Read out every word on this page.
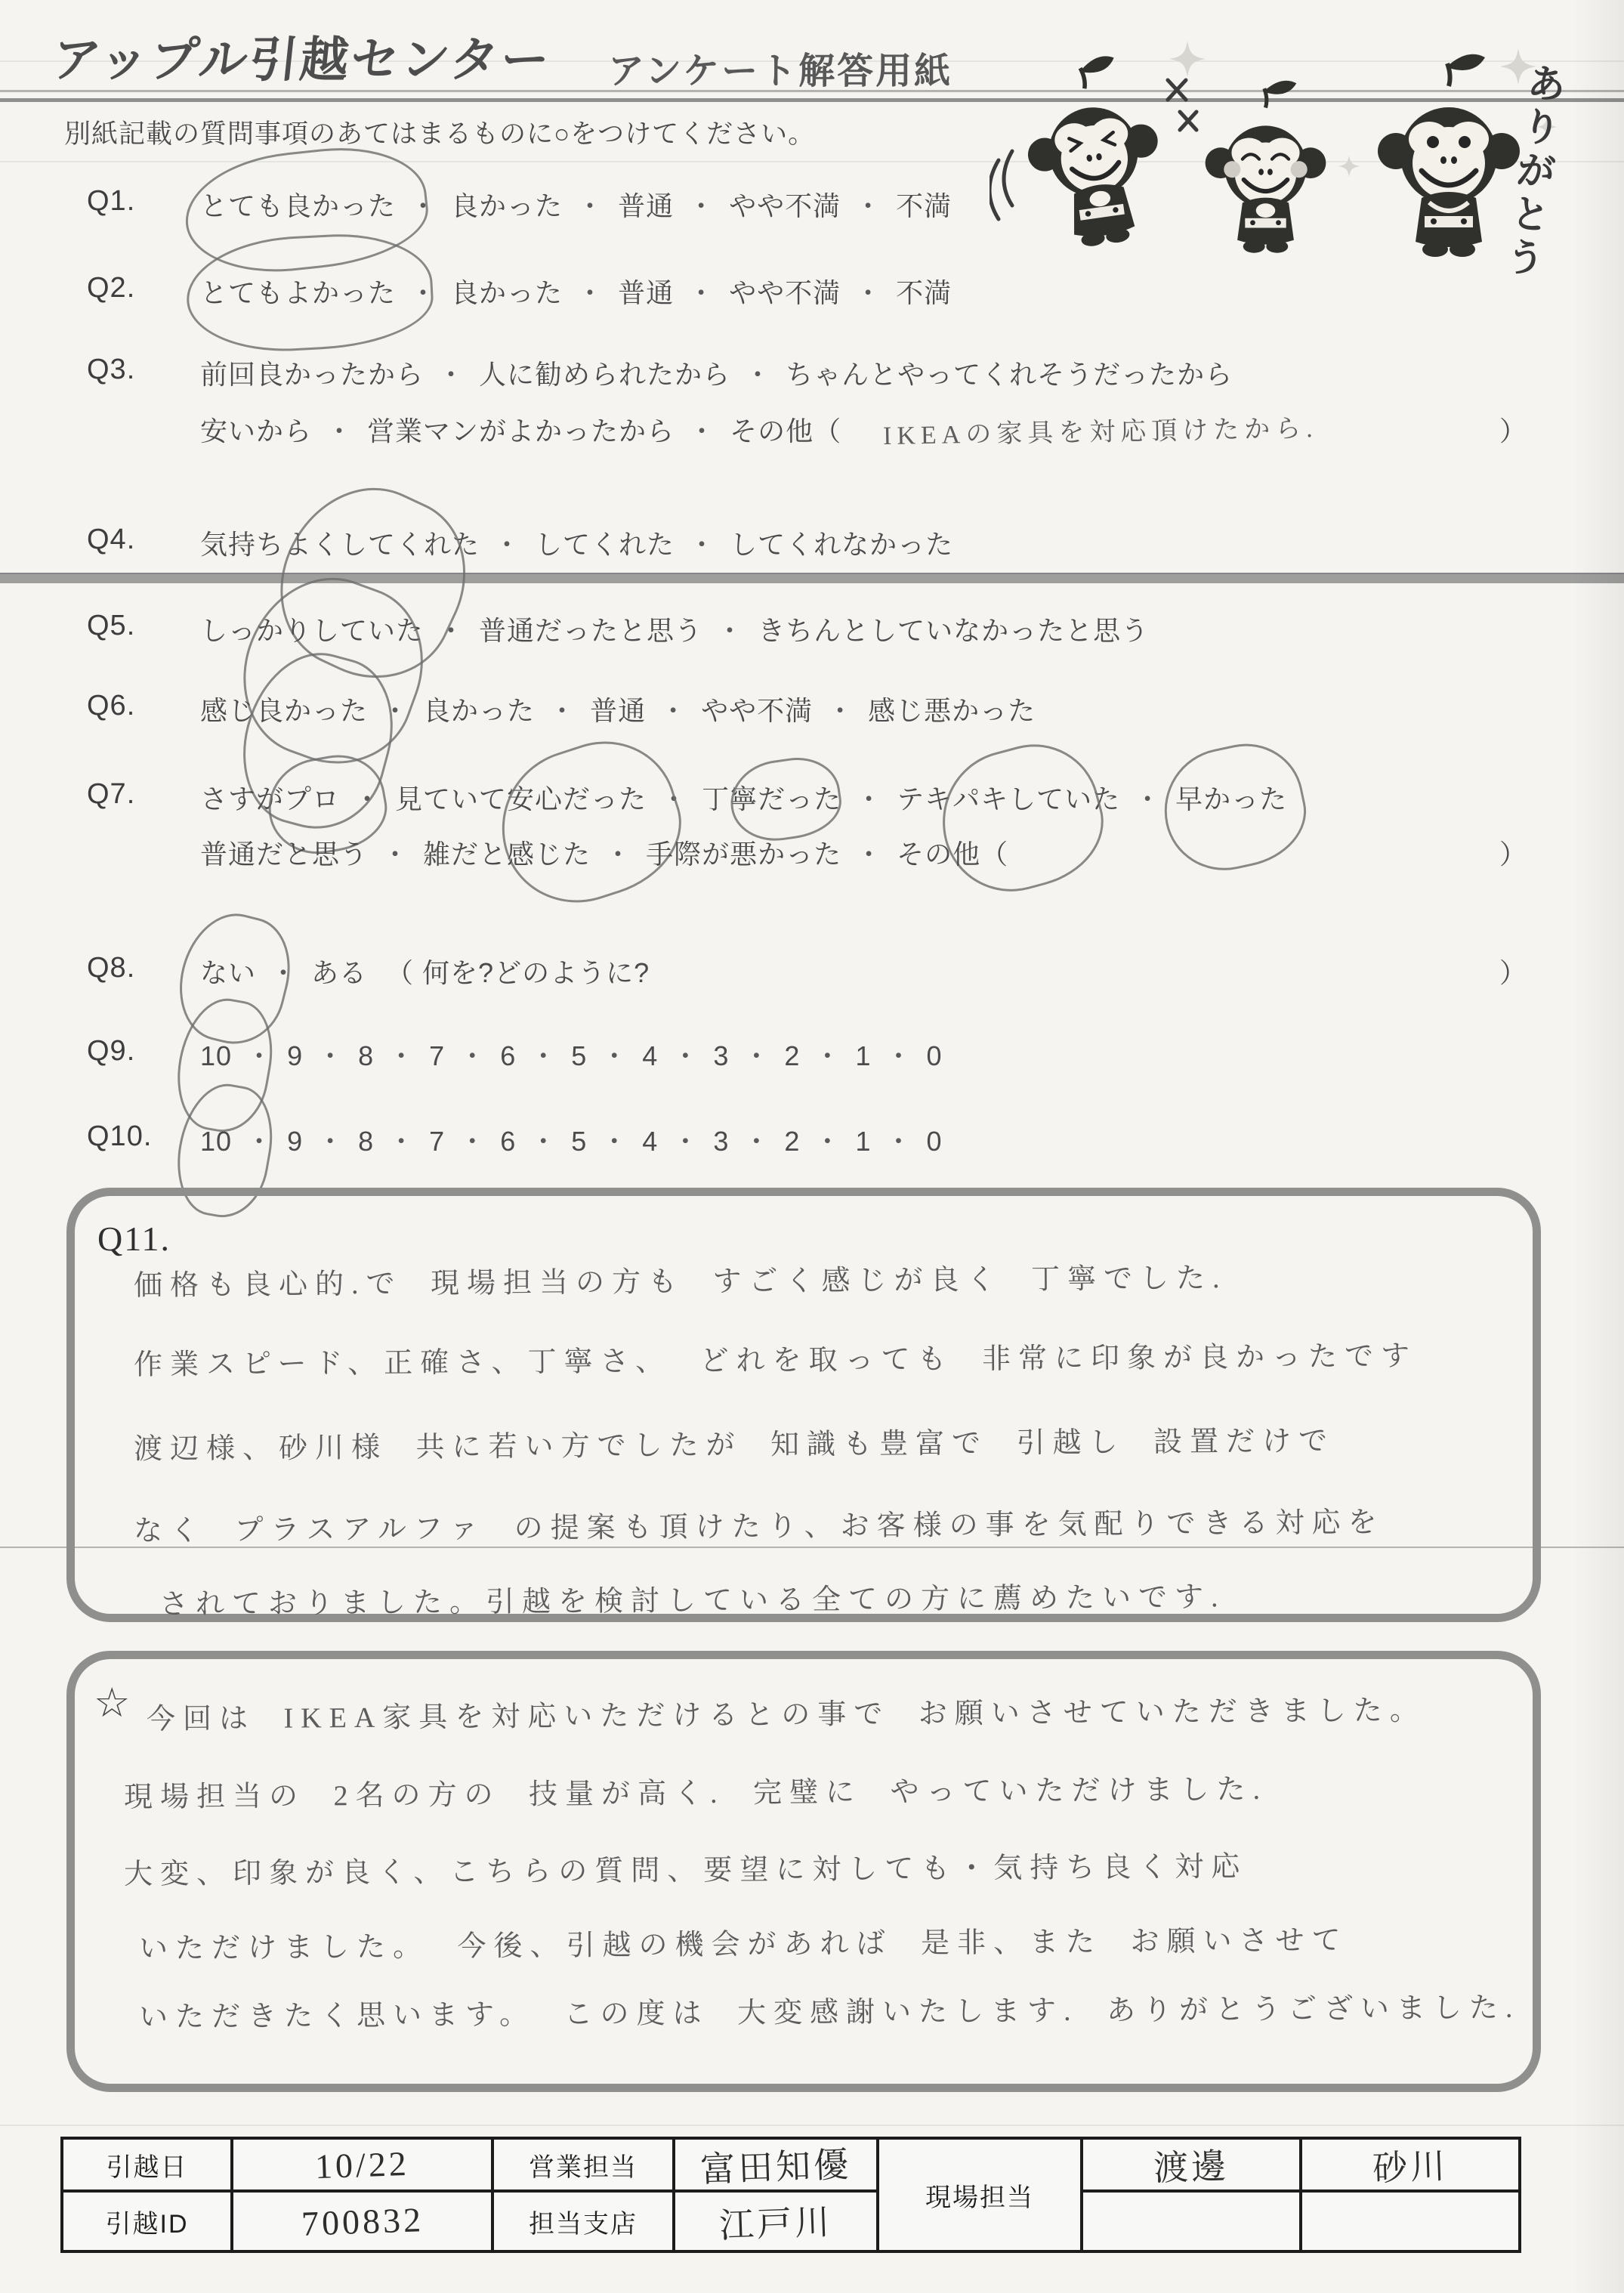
アップル引越センター アンケート解答用紙
別紙記載の質問事項のあてはまるものに○をつけてください。	ありがとう
Q1. とても良かった ・ 良かった ・ 普通 ・ やや不満 ・ 不満
Q2. とてもよかった ・ 良かった ・ 普通 ・ やや不満 ・ 不満
Q3. 前回良かったから ・ 人に勧められたから ・ ちゃんとやってくれそうだったから
安いから ・ 営業マンがよかったから ・ その他（ IKEAの家具を対応頂けたから.	）
Q4. 気持ちよくしてくれた ・ してくれた ・ してくれなかった
Q5. しっかりしていた ・ 普通だったと思う ・ きちんとしていなかったと思う
Q6. 感じ良かった ・ 良かった ・ 普通 ・ やや不満 ・ 感じ悪かった
Q7. さすがプロ ・ 見ていて安心だった ・ 丁寧だった ・ テキパキしていた ・ 早かった
普通だと思う ・ 雑だと感じた ・ 手際が悪かった ・ その他（	）
Q8. ない ・ ある （ 何を?どのように?	）
Q9. 10 ・ 9 ・ 8 ・ 7 ・ 6 ・ 5 ・ 4 ・ 3 ・ 2 ・ 1 ・ 0
Q10. 10 ・ 9 ・ 8 ・ 7 ・ 6 ・ 5 ・ 4 ・ 3 ・ 2 ・ 1 ・ 0
Q11.
価格も良心的.で 現場担当の方も すごく感じが良く 丁寧でした.
作業スピード、正確さ、丁寧さ、 どれを取っても 非常に印象が良かったです
渡辺様、砂川様 共に若い方でしたが 知識も豊富で 引越し 設置だけで
なく プラスアルファ の提案も頂けたり、お客様の事を気配りできる対応を
されておりました。引越を検討している全ての方に薦めたいです.
☆ 今回は IKEA家具を対応いただけるとの事で お願いさせていただきました。
現場担当の 2名の方の 技量が高く. 完璧に やっていただけました.
大変、印象が良く、こちらの質問、要望に対しても・気持ち良く対応
いただけました。 今後、引越の機会があれば 是非、また お願いさせて
いただきたく思います。 この度は 大変感謝いたします. ありがとうございました.
引越日	10/22	営業担当	富田知優	現場担当	渡邊	砂川
引越ID	700832	担当支店	江戸川			
